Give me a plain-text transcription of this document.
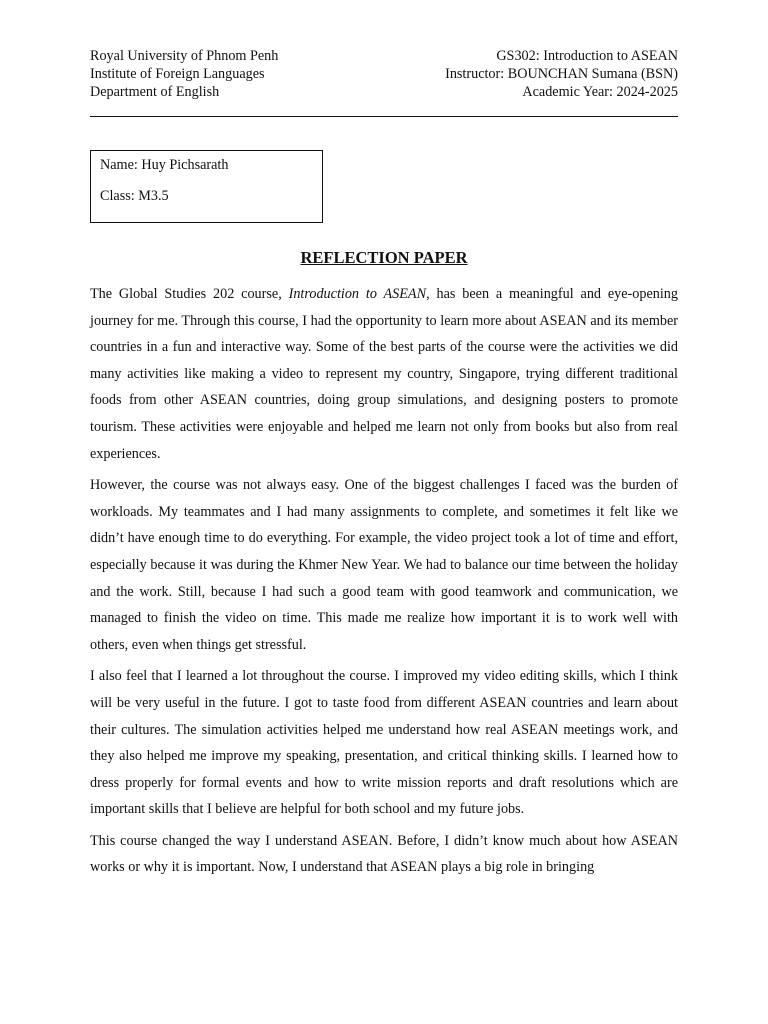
Royal University of Phnom Penh
Institute of Foreign Languages
Department of English
GS302: Introduction to ASEAN
Instructor: BOUNCHAN Sumana (BSN)
Academic Year: 2024-2025
Name: Huy Pichsarath
Class: M3.5
REFLECTION PAPER

The Global Studies 202 course, Introduction to ASEAN, has been a meaningful and eye-opening journey for me. Through this course, I had the opportunity to learn more about ASEAN and its member countries in a fun and interactive way. Some of the best parts of the course were the activities we did many activities like making a video to represent my country, Singapore, trying different traditional foods from other ASEAN countries, doing group simulations, and designing posters to promote tourism. These activities were enjoyable and helped me learn not only from books but also from real experiences.

However, the course was not always easy. One of the biggest challenges I faced was the burden of workloads. My teammates and I had many assignments to complete, and sometimes it felt like we didn’t have enough time to do everything. For example, the video project took a lot of time and effort, especially because it was during the Khmer New Year. We had to balance our time between the holiday and the work. Still, because I had such a good team with good teamwork and communication, we managed to finish the video on time. This made me realize how important it is to work well with others, even when things get stressful.

I also feel that I learned a lot throughout the course. I improved my video editing skills, which I think will be very useful in the future. I got to taste food from different ASEAN countries and learn about their cultures. The simulation activities helped me understand how real ASEAN meetings work, and they also helped me improve my speaking, presentation, and critical thinking skills. I learned how to dress properly for formal events and how to write mission reports and draft resolutions which are important skills that I believe are helpful for both school and my future jobs.

This course changed the way I understand ASEAN. Before, I didn’t know much about how ASEAN works or why it is important. Now, I understand that ASEAN plays a big role in bringing
